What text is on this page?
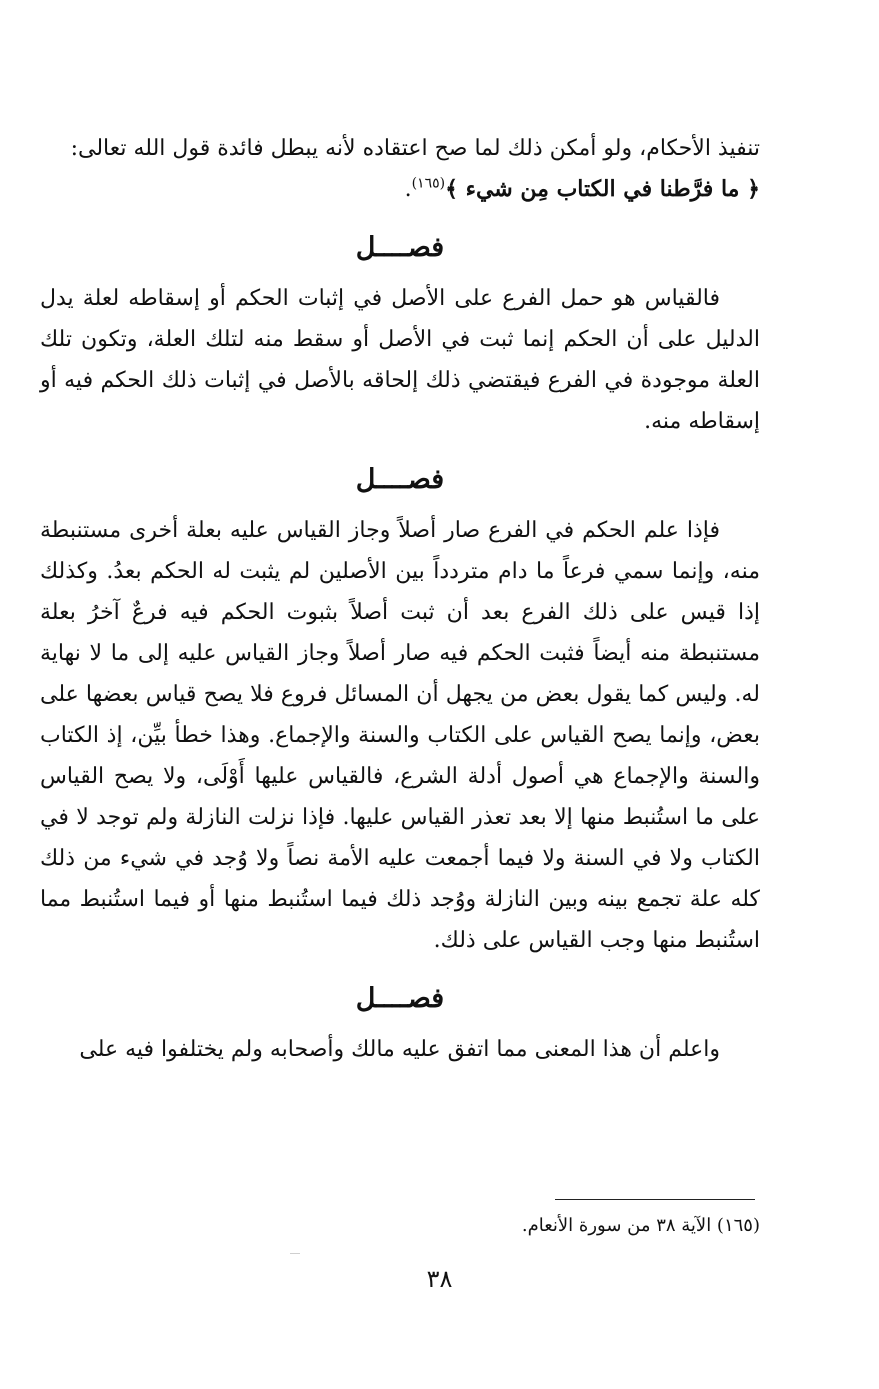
تنفيذ الأحكام، ولو أمكن ذلك لما صح اعتقاده لأنه يبطل فائدة قول الله تعالى:
﴿ ما فرَّطنا في الكتاب مِن شيء ﴾$^{(١٦٥)}$.

فصــــل

فالقياس هو حمل الفرع على الأصل في إثبات الحكم أو إسقاطه لعلة يدل الدليل على أن الحكم إنما ثبت في الأصل أو سقط منه لتلك العلة، وتكون تلك العلة موجودة في الفرع فيقتضي ذلك إلحاقه بالأصل في إثبات ذلك الحكم فيه أو إسقاطه منه.

فصــــل

فإذا علم الحكم في الفرع صار أصلاً وجاز القياس عليه بعلة أخرى مستنبطة منه، وإنما سمي فرعاً ما دام متردداً بين الأصلين لم يثبت له الحكم بعدُ. وكذلك إذا قيس على ذلك الفرع بعد أن ثبت أصلاً بثبوت الحكم فيه فرعٌ آخرُ بعلة مستنبطة منه أيضاً فثبت الحكم فيه صار أصلاً وجاز القياس عليه إلى ما لا نهاية له. وليس كما يقول بعض من يجهل أن المسائل فروع فلا يصح قياس بعضها على بعض، وإنما يصح القياس على الكتاب والسنة والإجماع. وهذا خطأ بيِّن، إذ الكتاب والسنة والإجماع هي أصول أدلة الشرع، فالقياس عليها أَوْلَى، ولا يصح القياس على ما استُنبط منها إلا بعد تعذر القياس عليها. فإذا نزلت النازلة ولم توجد لا في الكتاب ولا في السنة ولا فيما أجمعت عليه الأمة نصاً ولا وُجد في شيء من ذلك كله علة تجمع بينه وبين النازلة ووُجد ذلك فيما استُنبط منها أو فيما استُنبط مما استُنبط منها وجب القياس على ذلك.

فصــــل

واعلم أن هذا المعنى مما اتفق عليه مالك وأصحابه ولم يختلفوا فيه على

(١٦٥) الآية ٣٨ من سورة الأنعام.
٣٨
